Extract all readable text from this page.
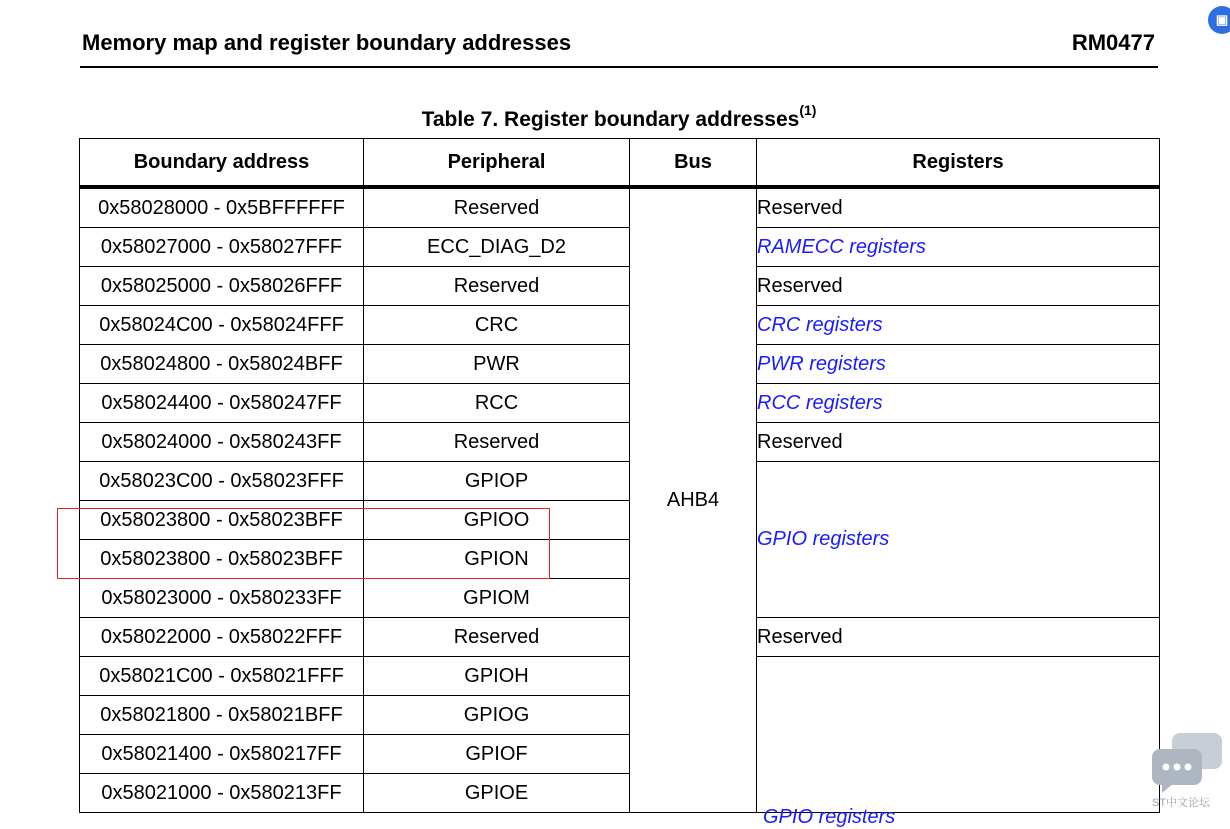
Memory map and register boundary addresses	RM0477
Table 7. Register boundary addresses$^{(1)}$
Boundary address	Peripheral	Bus	Registers
0x58028000 - 0x5BFFFFFF	Reserved	AHB4	Reserved
0x58027000 - 0x58027FFF	ECC_DIAG_D2		RAMECC registers
0x58025000 - 0x58026FFF	Reserved		Reserved
0x58024C00 - 0x58024FFF	CRC		CRC registers
0x58024800 - 0x58024BFF	PWR		PWR registers
0x58024400 - 0x580247FF	RCC		RCC registers
0x58024000 - 0x580243FF	Reserved		Reserved
0x58023C00 - 0x58023FFF	GPIOP		GPIO registers
0x58023800 - 0x58023BFF	GPIOO		
0x58023800 - 0x58023BFF	GPION		
0x58023000 - 0x580233FF	GPIOM		
0x58022000 - 0x58022FFF	Reserved		Reserved
0x58021C00 - 0x58021FFF	GPIOH		
0x58021800 - 0x58021BFF	GPIOG		
0x58021400 - 0x580217FF	GPIOF		
0x58021000 - 0x580213FF	GPIOE		
GPIO registers
▣
ST中文论坛
